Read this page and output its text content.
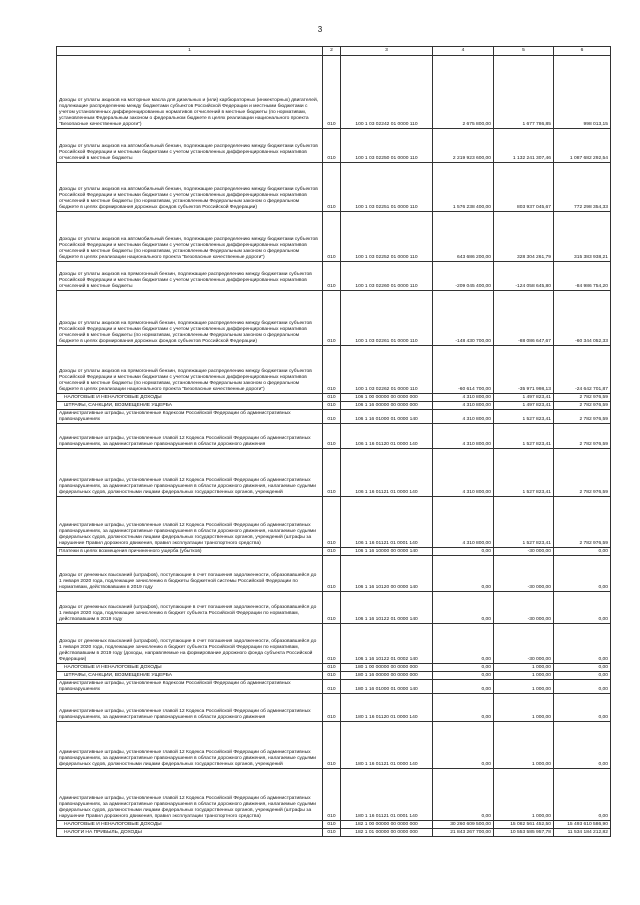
3
1	2	3	4	5	6
Доходы от уплаты акцизов на моторные масла для дизельных и (или) карбюраторных (инжекторных) двигателей, подлежащие распределению между бюджетами субъектов Российской Федерации и местными бюджетами с учетом установленных дифференцированных нормативов отчислений в местные бюджеты (по нормативам, установленным Федеральным законом о федеральном бюджете в целях реализации национального проекта "Безопасные качественные дороги")	010	100 1 03 02242 01 0000 110	2 675 800,00	1 677 786,85	998 013,15
Доходы от уплаты акцизов на автомобильный бензин, подлежащие распределению между бюджетами субъектов Российской Федерации и местными бюджетами с учетом установленных дифференцированных нормативов отчислений в местные бюджеты	010	100 1 03 02250 01 0000 110	2 219 923 600,00	1 132 241 307,46	1 087 682 292,54
Доходы от уплаты акцизов на автомобильный бензин, подлежащие распределению между бюджетами субъектов Российской Федерации и местными бюджетами с учетом установленных дифференцированных нормативов отчислений в местные бюджеты (по нормативам, установленным Федеральным законом о федеральном бюджете в целях формирования дорожных фондов субъектов Российской Федерации)	010	100 1 03 02251 01 0000 110	1 576 238 400,00	803 937 045,67	772 298 354,33
Доходы от уплаты акцизов на автомобильный бензин, подлежащие распределению между бюджетами субъектов Российской Федерации и местными бюджетами с учетом установленных дифференцированных нормативов отчислений в местные бюджеты (по нормативам, установленным Федеральным законом о федеральном бюджете в целях реализации национального проекта "Безопасные качественные дороги")	010	100 1 03 02252 01 0000 110	643 686 200,00	328 304 261,79	315 383 938,21
Доходы от уплаты акцизов на прямогонный бензин, подлежащие распределению между бюджетами субъектов Российской Федерации и местными бюджетами с учетом установленных дифференцированных нормативов отчислений в местные бюджеты	010	100 1 03 02260 01 0000 110	-209 045 400,00	-124 058 645,80	-84 986 754,20
Доходы от уплаты акцизов на прямогонный бензин, подлежащие распределению между бюджетами субъектов Российской Федерации и местными бюджетами с учетом установленных дифференцированных нормативов отчислений в местные бюджеты (по нормативам, установленным Федеральным законом о федеральном бюджете в целях формирования дорожных фондов субъектов Российской Федерации)	010	100 1 03 02261 01 0000 110	-148 430 700,00	-88 086 647,67	-60 344 052,33
Доходы от уплаты акцизов на прямогонный бензин, подлежащие распределению между бюджетами субъектов Российской Федерации и местными бюджетами с учетом установленных дифференцированных нормативов отчислений в местные бюджеты (по нормативам, установленным Федеральным законом о федеральном бюджете в целях реализации национального проекта "Безопасные качественные дороги")	010	100 1 03 02262 01 0000 110	-60 614 700,00	-35 971 998,13	-24 642 701,87
НАЛОГОВЫЕ И НЕНАЛОГОВЫЕ ДОХОДЫ	010	106 1 00 00000 00 0000 000	4 310 800,00	1 497 823,41	2 782 976,59
ШТРАФЫ, САНКЦИИ, ВОЗМЕЩЕНИЕ УЩЕРБА	010	106 1 16 00000 00 0000 000	4 310 800,00	1 497 823,41	2 782 976,59
Административные штрафы, установленные Кодексом Российской Федерации об административных правонарушениях	010	106 1 16 01000 01 0000 140	4 310 800,00	1 527 823,41	2 782 976,59
Административные штрафы, установленные главой 12 Кодекса Российской Федерации об административных правонарушениях, за административные правонарушения в области дорожного движения	010	106 1 16 01120 01 0000 140	4 310 800,00	1 527 823,41	2 782 976,59
Административные штрафы, установленные главой 12 Кодекса Российской Федерации об административных правонарушениях, за административные правонарушения в области дорожного движения, налагаемые судьями федеральных судов, должностными лицами федеральных государственных органов, учреждений	010	106 1 16 01121 01 0000 140	4 310 800,00	1 527 823,41	2 782 976,59
Административные штрафы, установленные главой 12 Кодекса Российской Федерации об административных правонарушениях, за административные правонарушения в области дорожного движения, налагаемые судьями федеральных судов, должностными лицами федеральных государственных органов, учреждений (штрафы за нарушение Правил дорожного движения, правил эксплуатации транспортного средства)	010	106 1 16 01121 01 0001 140	4 310 800,00	1 527 823,41	2 782 976,59
Платежи в целях возмещения причиненного ущерба (убытков)	010	106 1 16 10000 00 0000 140	0,00	-30 000,00	0,00
Доходы от денежных взысканий (штрафов), поступающие в счет погашения задолженности, образовавшейся до 1 января 2020 года, подлежащие зачислению в бюджеты бюджетной системы Российской Федерации по нормативам, действовавшим в 2019 году	010	106 1 16 10120 00 0000 140	0,00	-30 000,00	0,00
Доходы от денежных взысканий (штрафов), поступающие в счет погашения задолженности, образовавшейся до 1 января 2020 года, подлежащие зачислению в бюджет субъекта Российской Федерации по нормативам, действовавшим в 2019 году	010	106 1 16 10122 01 0000 140	0,00	-30 000,00	0,00
Доходы от денежных взысканий (штрафов), поступающие в счет погашения задолженности, образовавшейся до 1 января 2020 года, подлежащие зачислению в бюджет субъекта Российской Федерации по нормативам, действовавшим в 2019 году (доходы, направляемые на формирование дорожного фонда субъекта Российской Федерации)	010	106 1 16 10122 01 0002 140	0,00	-30 000,00	0,00
НАЛОГОВЫЕ И НЕНАЛОГОВЫЕ ДОХОДЫ	010	180 1 00 00000 00 0000 000	0,00	1 000,00	0,00
ШТРАФЫ, САНКЦИИ, ВОЗМЕЩЕНИЕ УЩЕРБА	010	180 1 16 00000 00 0000 000	0,00	1 000,00	0,00
Административные штрафы, установленные Кодексом Российской Федерации об административных правонарушениях	010	180 1 16 01000 01 0000 140	0,00	1 000,00	0,00
Административные штрафы, установленные главой 12 Кодекса Российской Федерации об административных правонарушениях, за административные правонарушения в области дорожного движения	010	180 1 16 01120 01 0000 140	0,00	1 000,00	0,00
Административные штрафы, установленные главой 12 Кодекса Российской Федерации об административных правонарушениях, за административные правонарушения в области дорожного движения, налагаемые судьями федеральных судов, должностными лицами федеральных государственных органов, учреждений	010	180 1 16 01121 01 0000 140	0,00	1 000,00	0,00
Административные штрафы, установленные главой 12 Кодекса Российской Федерации об административных правонарушениях, за административные правонарушения в области дорожного движения, налагаемые судьями федеральных судов, должностными лицами федеральных государственных органов, учреждений (штрафы за нарушение Правил дорожного движения, правил эксплуатации транспортного средства)	010	180 1 16 01121 01 0001 140	0,00	1 000,00	0,00
НАЛОГОВЫЕ И НЕНАЛОГОВЫЕ ДОХОДЫ	010	182 1 00 00000 00 0000 000	30 260 609 500,00	15 082 561 452,50	15 493 610 586,90
НАЛОГИ НА ПРИБЫЛЬ, ДОХОДЫ	010	182 1 01 00000 00 0000 000	21 843 267 700,00	10 553 585 957,78	11 534 184 212,82
